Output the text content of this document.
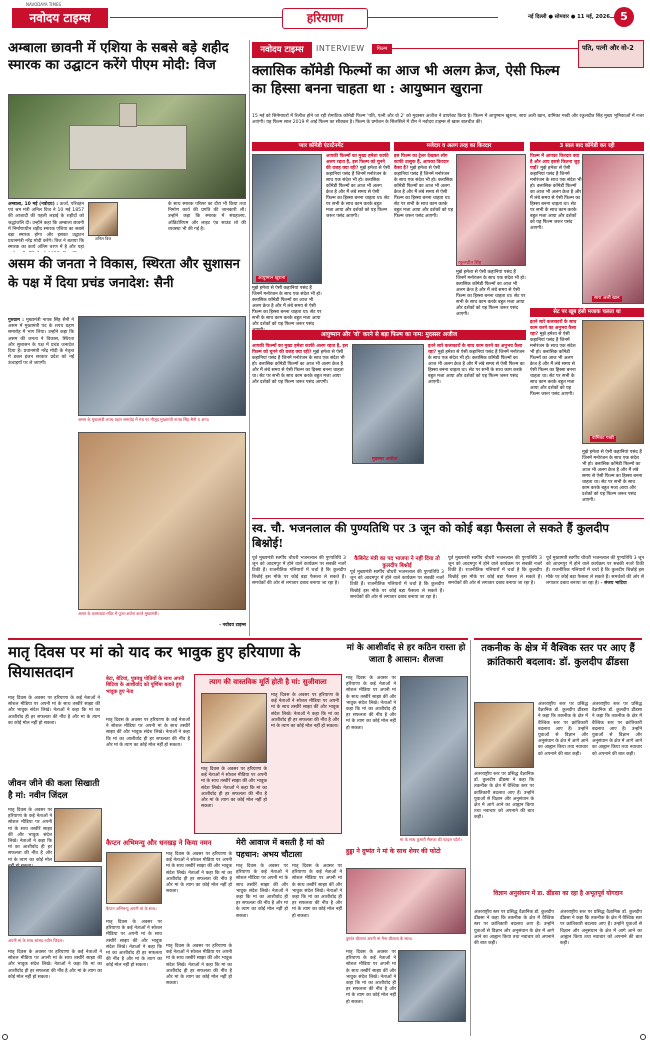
NAVODAYA TIMES
नवोदय टाइम्स	हरियाणा	नई दिल्ली ● सोमवार ● 11 मई, 2026 5
अम्बाला छावनी में एशिया के सबसे बड़े शहीद स्मारक का उद्घाटन करेंगे पीएम मोदी: विज
अम्बाला, 10 मई (नवोदय) : ऊर्जा, परिवहन एवं श्रम मंत्री अनिल विज ने 10 मई 1857 की आजादी की पहली लड़ाई के शहीदों को श्रद्धांजलि दी। उन्होंने कहा कि अम्बाला छावनी में निर्माणाधीन शहीद स्मारक एशिया का सबसे बड़ा स्मारक होगा और इसका उद्घाटन प्रधानमंत्री नरेंद्र मोदी करेंगे। विज ने बताया कि स्मारक का कार्य अंतिम चरण में है और यहां
अनिल विज
के साथ स्मारक परिसर का दौरा भी किया तथा निर्माण कार्य की प्रगति की जानकारी ली। उन्होंने कहा कि स्मारक में संग्रहालय, ऑडिटोरियम और लाइट एंड साउंड शो की व्यवस्था भी की गई है।
असम की जनता ने विकास, स्थिरता और सुशासन के पक्ष में दिया प्रचंड जनादेश: सैनी
गुरुग्राम : मुख्यमंत्री नायब सिंह सैनी ने असम में मुख्यमंत्री पद के शपथ ग्रहण समारोह में भाग लिया। उन्होंने कहा कि असम की जनता ने विकास, स्थिरता और सुशासन के पक्ष में प्रचंड जनादेश दिया है। प्रधानमंत्री नरेंद्र मोदी के नेतृत्व में डबल इंजन सरकार प्रदेश को नई ऊंचाइयों पर ले जाएगी।
असम के मुख्यमंत्री शपथ ग्रहण समारोह में मंच पर मौजूद मुख्यमंत्री नायब सिंह सैनी व अन्य।
असम के कामाख्या मंदिर में पूजा-अर्चना करते मुख्यमंत्री।
- नवोदय टाइम्स
नवोदय टाइम्स	INTERVIEW	फिल्म	पति, पत्नी और वो-2
क्लासिक कॉमेडी फिल्मों का आज भी अलग क्रेज, ऐसी फिल्म का हिस्सा बनना चाहता था : आयुष्मान खुराना
15 मई को सिनेमाघरों में रिलीज होने जा रही रोमांटिक कॉमेडी फिल्म 'पति, पत्नी और वो 2' को मुदस्सर अजीज ने डायरेक्ट किया है। फिल्म में आयुष्मान खुराना, सारा अली खान, वामिका गब्बी और रकुलप्रीत सिंह मुख्य भूमिकाओं में नजर आएंगी। यह फिल्म साल 2019 में आई फिल्म का सीक्वल है। फिल्म के प्रमोशन के सिलसिले में टीम ने नवोदय टाइम्स से खास बातचीत की।
प्यार कॉमेडी एंटरटेनमेंट	मजेदार व अलग तरह का किरदार	3 साल बाद कॉमेडी कर रही
आयुष्मान खुराना
आपकी फिल्मों का मुख्य हमेशा काफी अलग रहता है, इस फिल्म को चुनने की वजह क्या रही? मुझे हमेशा से ऐसी कहानियां पसंद हैं जिनमें मनोरंजन के साथ एक संदेश भी हो। क्लासिक कॉमेडी फिल्मों का आज भी अलग क्रेज है और मैं लंबे समय से ऐसी फिल्म का हिस्सा बनना चाहता था। सेट पर सभी के साथ काम करके बहुत मजा आया और दर्शकों को यह फिल्म जरूर पसंद आएगी।
मुझे हमेशा से ऐसी कहानियां पसंद हैं जिनमें मनोरंजन के साथ एक संदेश भी हो। क्लासिक कॉमेडी फिल्मों का आज भी अलग क्रेज है और मैं लंबे समय से ऐसी फिल्म का हिस्सा बनना चाहता था। सेट पर सभी के साथ काम करके बहुत मजा आया और दर्शकों को यह फिल्म जरूर पसंद
इस फिल्म का ट्रेलर देखकर लोग काफी उत्सुक हैं, आपका किरदार कैसा है? मुझे हमेशा से ऐसी कहानियां पसंद हैं जिनमें मनोरंजन के साथ एक संदेश भी हो। क्लासिक कॉमेडी फिल्मों का आज भी अलग क्रेज है और मैं लंबे समय से ऐसी फिल्म का हिस्सा बनना चाहता था। सेट पर सभी के साथ काम करके बहुत मजा आया और दर्शकों को यह फिल्म जरूर पसंद आएगी।
रकुलप्रीत सिंह
मुझे हमेशा से ऐसी कहानियां पसंद हैं जिनमें मनोरंजन के साथ एक संदेश भी हो। क्लासिक कॉमेडी फिल्मों का आज भी अलग क्रेज है और मैं लंबे समय से ऐसी फिल्म का हिस्सा बनना चाहता था। सेट पर सभी के साथ काम करके बहुत मजा आया और दर्शकों को यह फिल्म जरूर पसंद आएगी।
फिल्म में आपका किरदार क्या है और आप इससे कितना जुड़ पाईं? मुझे हमेशा से ऐसी कहानियां पसंद हैं जिनमें मनोरंजन के साथ एक संदेश भी हो। क्लासिक कॉमेडी फिल्मों का आज भी अलग क्रेज है और मैं लंबे समय से ऐसी फिल्म का हिस्सा बनना चाहता था। सेट पर सभी के साथ काम करके बहुत मजा आया और दर्शकों को यह फिल्म जरूर पसंद आएगी।
सारा अली खान
सेट पर खूब हंसी मजाक चलता था
इतने सारे कलाकारों के साथ काम करने का अनुभव कैसा रहा? मुझे हमेशा से ऐसी कहानियां पसंद हैं जिनमें मनोरंजन के साथ एक संदेश भी हो। क्लासिक कॉमेडी फिल्मों का आज भी अलग क्रेज है और मैं लंबे समय से ऐसी फिल्म का हिस्सा बनना चाहता था। सेट पर सभी के साथ काम करके बहुत मजा आया और दर्शकों को यह फिल्म जरूर पसंद आएगी।
वामिका गब्बी
आयुष्मान और 'वो' करने से बड़ा फिल्म का नाम: मुदस्सर अजीज
आपकी फिल्मों का मुख्य हमेशा काफी अलग रहता है, इस फिल्म को चुनने की वजह क्या रही? मुझे हमेशा से ऐसी कहानियां पसंद हैं जिनमें मनोरंजन के साथ एक संदेश भी हो। क्लासिक कॉमेडी फिल्मों का आज भी अलग क्रेज है और मैं लंबे समय से ऐसी फिल्म का हिस्सा बनना चाहता था। सेट पर सभी के साथ काम करके बहुत मजा आया और दर्शकों को यह फिल्म जरूर पसंद आएगी।
मुदस्सर अजीज
इतने सारे कलाकारों के साथ काम करने का अनुभव कैसा रहा? मुझे हमेशा से ऐसी कहानियां पसंद हैं जिनमें मनोरंजन के साथ एक संदेश भी हो। क्लासिक कॉमेडी फिल्मों का आज भी अलग क्रेज है और मैं लंबे समय से ऐसी फिल्म का हिस्सा बनना चाहता था। सेट पर सभी के साथ काम करके बहुत मजा आया और दर्शकों को यह फिल्म जरूर पसंद आएगी।
मुझे हमेशा से ऐसी कहानियां पसंद हैं जिनमें मनोरंजन के साथ एक संदेश भी हो। क्लासिक कॉमेडी फिल्मों का आज भी अलग क्रेज है और मैं लंबे समय से ऐसी फिल्म का हिस्सा बनना चाहता था। सेट पर सभी के साथ काम करके बहुत मजा आया और दर्शकों को यह फिल्म जरूर पसंद आएगी।
स्व. चौ. भजनलाल की पुण्यतिथि पर 3 जून को कोई बड़ा फैसला ले सकते हैं कुलदीप बिश्नोई!
पूर्व मुख्यमंत्री स्वर्गीय चौधरी भजनलाल की पुण्यतिथि 3 जून को आदमपुर में होने वाले कार्यक्रम पर सबकी नजरें टिकी हैं। राजनीतिक गलियारों में चर्चा है कि कुलदीप बिश्नोई इस मौके पर कोई बड़ा फैसला ले सकते हैं। समर्थकों की ओर से लगातार दबाव बनाया जा रहा है।
कैबिनेट मंत्री का पद भाजपा ने नहीं दिया तो कुलदीप बिश्नोई
पूर्व मुख्यमंत्री स्वर्गीय चौधरी भजनलाल की पुण्यतिथि 3 जून को आदमपुर में होने वाले कार्यक्रम पर सबकी नजरें टिकी हैं। राजनीतिक गलियारों में चर्चा है कि कुलदीप बिश्नोई इस मौके पर कोई बड़ा फैसला ले सकते हैं। समर्थकों की ओर से लगातार दबाव बनाया जा रहा है।
पूर्व मुख्यमंत्री स्वर्गीय चौधरी भजनलाल की पुण्यतिथि 3 जून को आदमपुर में होने वाले कार्यक्रम पर सबकी नजरें टिकी हैं। राजनीतिक गलियारों में चर्चा है कि कुलदीप बिश्नोई इस मौके पर कोई बड़ा फैसला ले सकते हैं। समर्थकों की ओर से लगातार दबाव बनाया जा रहा है।
पूर्व मुख्यमंत्री स्वर्गीय चौधरी भजनलाल की पुण्यतिथि 3 जून को आदमपुर में होने वाले कार्यक्रम पर सबकी नजरें टिकी हैं। राजनीतिक गलियारों में चर्चा है कि कुलदीप बिश्नोई इस मौके पर कोई बड़ा फैसला ले सकते हैं। समर्थकों की ओर से लगातार दबाव बनाया जा रहा है। - संजय भाटिया
मातृ दिवस पर मां को याद कर भावुक हुए हरियाणा के सियासतदान
मां के आशीर्वाद से हर कठिन रास्ता हो जाता है आसान: शैलजा
बेटा, बेटियां, पुत्रवधु पोतियों के साथ अपनी बिटिया के आशीर्वाद को पूर्णिमा बताते हुए भावुक हुए नेता
मातृ दिवस के अवसर पर हरियाणा के कई नेताओं ने सोशल मीडिया पर अपनी मां के साथ तस्वीरें साझा कीं और भावुक संदेश लिखे। नेताओं ने कहा कि मां का आशीर्वाद ही हर सफलता की नींव है और मां के त्याग का कोई मोल नहीं हो सकता।
मातृ दिवस के अवसर पर हरियाणा के कई नेताओं ने सोशल मीडिया पर अपनी मां के साथ तस्वीरें साझा कीं और भावुक संदेश लिखे। नेताओं ने कहा कि मां का आशीर्वाद ही हर सफलता की नींव है और मां के त्याग का कोई मोल नहीं हो सकता।
त्याग की वास्तविक मूर्ति होती है मां: सुजीवाला
मातृ दिवस के अवसर पर हरियाणा के कई नेताओं ने सोशल मीडिया पर अपनी मां के साथ तस्वीरें साझा कीं और भावुक संदेश लिखे। नेताओं ने कहा कि मां का आशीर्वाद ही हर सफलता की नींव है और मां के त्याग का कोई मोल नहीं हो सकता।
मातृ दिवस के अवसर पर हरियाणा के कई नेताओं ने सोशल मीडिया पर अपनी मां के साथ तस्वीरें साझा कीं और भावुक संदेश लिखे। नेताओं ने कहा कि मां का आशीर्वाद ही हर सफलता की नींव है और मां के त्याग का कोई मोल नहीं हो सकता।
मातृ दिवस के अवसर पर हरियाणा के कई नेताओं ने सोशल मीडिया पर अपनी मां के साथ तस्वीरें साझा कीं और भावुक संदेश लिखे। नेताओं ने कहा कि मां का आशीर्वाद ही हर सफलता की नींव है और मां के त्याग का कोई मोल नहीं हो सकता।
मां के साथ कुमारी सैलजा की फाइल फोटो।
जीवन जीने की कला सिखाती है मां: नवीन जिंदल
मातृ दिवस के अवसर पर हरियाणा के कई नेताओं ने सोशल मीडिया पर अपनी मां के साथ तस्वीरें साझा कीं और भावुक संदेश लिखे। नेताओं ने कहा कि मां का आशीर्वाद ही हर सफलता की नींव है और मां के त्याग का कोई मोल
अपनी मां के साथ सांसद नवीन जिंदल।
मातृ दिवस के अवसर पर हरियाणा के कई नेताओं ने सोशल मीडिया पर अपनी मां के साथ तस्वीरें साझा कीं और भावुक संदेश लिखे। नेताओं ने कहा कि मां का आशीर्वाद ही हर सफलता की नींव है और मां के त्याग का कोई मोल नहीं हो सकता।
कैप्टन अभिमन्यु और धनखड़ ने किया नमन
कैप्टन अभिमन्यु अपनी मां के साथ।
मातृ दिवस के अवसर पर हरियाणा के कई नेताओं ने सोशल मीडिया पर अपनी मां के साथ तस्वीरें साझा कीं और भावुक संदेश लिखे। नेताओं ने कहा कि मां का आशीर्वाद ही हर सफलता की नींव है और मां के त्याग का कोई मोल नहीं हो सकता।
मातृ दिवस के अवसर पर हरियाणा के कई नेताओं ने सोशल मीडिया पर अपनी मां के साथ तस्वीरें साझा कीं और भावुक संदेश लिखे। नेताओं ने कहा कि मां का आशीर्वाद ही हर सफलता की नींव है और मां के त्याग का कोई मोल नहीं हो सकता।
मातृ दिवस के अवसर पर हरियाणा के कई नेताओं ने सोशल मीडिया पर अपनी मां के साथ तस्वीरें साझा कीं और भावुक संदेश लिखे। नेताओं ने कहा कि मां का आशीर्वाद ही हर सफलता की नींव है और मां के त्याग का कोई मोल नहीं हो सकता।
मेरी आवाज में बसती है मां को पहचान: अभय चौटाला
मातृ दिवस के अवसर पर हरियाणा के कई नेताओं ने सोशल मीडिया पर अपनी मां के साथ तस्वीरें साझा कीं और भावुक संदेश लिखे। नेताओं ने कहा कि मां का आशीर्वाद ही हर सफलता की नींव है और मां के त्याग का कोई मोल नहीं हो सकता।
मातृ दिवस के अवसर पर हरियाणा के कई नेताओं ने सोशल मीडिया पर अपनी मां के साथ तस्वीरें साझा कीं और भावुक संदेश लिखे। नेताओं ने कहा कि मां का आशीर्वाद ही हर सफलता की नींव है और मां के त्याग का कोई मोल नहीं हो सकता।
हुड्डा ने दुष्यंत ने मां के साथ शेयर की फोटो
दुष्यंत चौटाला अपनी मां नैना चौटाला के साथ।
मातृ दिवस के अवसर पर हरियाणा के कई नेताओं ने सोशल मीडिया पर अपनी मां के साथ तस्वीरें साझा कीं और भावुक संदेश लिखे। नेताओं ने कहा कि मां का आशीर्वाद ही हर सफलता की नींव है और मां के त्याग का कोई मोल नहीं हो सकता।
तकनीक के क्षेत्र में वैश्विक स्तर पर आए हैं क्रांतिकारी बदलाव: डॉ. कुलदीप ढींडसा
अंतरराष्ट्रीय स्तर पर प्रसिद्ध वैज्ञानिक डॉ. कुलदीप ढींडसा ने कहा कि तकनीक के क्षेत्र में वैश्विक स्तर पर क्रांतिकारी बदलाव आए हैं। उन्होंने युवाओं से विज्ञान और अनुसंधान के क्षेत्र में आगे आने का आह्वान किया तथा नवाचार को अपनाने की बात कही।
अंतरराष्ट्रीय स्तर पर प्रसिद्ध वैज्ञानिक डॉ. कुलदीप ढींडसा ने कहा कि तकनीक के क्षेत्र में वैश्विक स्तर पर क्रांतिकारी बदलाव आए हैं। उन्होंने युवाओं से विज्ञान और अनुसंधान के क्षेत्र में आगे आने का आह्वान किया तथा नवाचार को अपनाने की बात कही।
अंतरराष्ट्रीय स्तर पर प्रसिद्ध वैज्ञानिक डॉ. कुलदीप ढींडसा ने कहा कि तकनीक के क्षेत्र में वैश्विक स्तर पर क्रांतिकारी बदलाव आए हैं। उन्होंने युवाओं से विज्ञान और अनुसंधान के क्षेत्र में आगे आने का आह्वान किया तथा नवाचार को अपनाने की बात कही।
विज्ञान अनुसंधान में डा. ढींडसा का रहा है अभूतपूर्व योगदान
अंतरराष्ट्रीय स्तर पर प्रसिद्ध वैज्ञानिक डॉ. कुलदीप ढींडसा ने कहा कि तकनीक के क्षेत्र में वैश्विक स्तर पर क्रांतिकारी बदलाव आए हैं। उन्होंने युवाओं से विज्ञान और अनुसंधान के क्षेत्र में आगे आने का आह्वान किया तथा नवाचार को अपनाने की बात कही।
अंतरराष्ट्रीय स्तर पर प्रसिद्ध वैज्ञानिक डॉ. कुलदीप ढींडसा ने कहा कि तकनीक के क्षेत्र में वैश्विक स्तर पर क्रांतिकारी बदलाव आए हैं। उन्होंने युवाओं से विज्ञान और अनुसंधान के क्षेत्र में आगे आने का आह्वान किया तथा नवाचार को अपनाने की बात कही।
